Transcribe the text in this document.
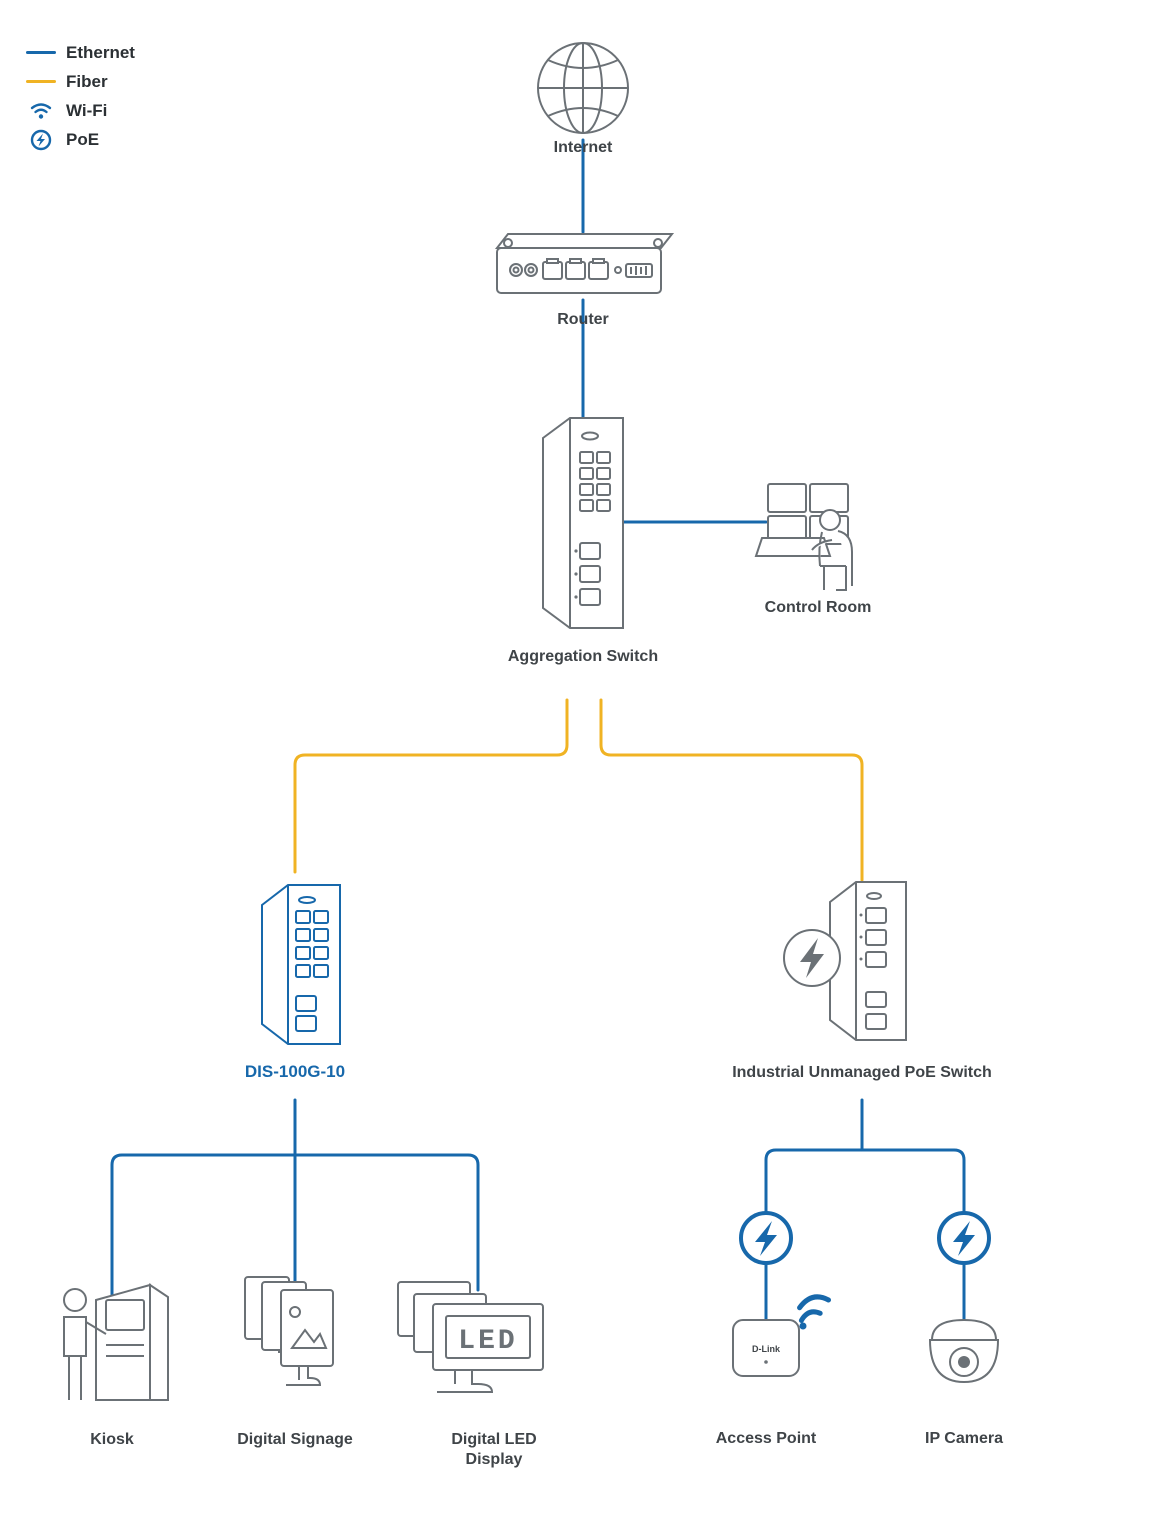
LED	D-Link
Ethernet
Fiber
Wi-Fi
PoE	Internet
Router
Aggregation Switch
Control Room
DIS-100G-10	Industrial Unmanaged PoE Switch
Kiosk	Digital Signage	Digital LED
Display
Access Point	IP Camera
